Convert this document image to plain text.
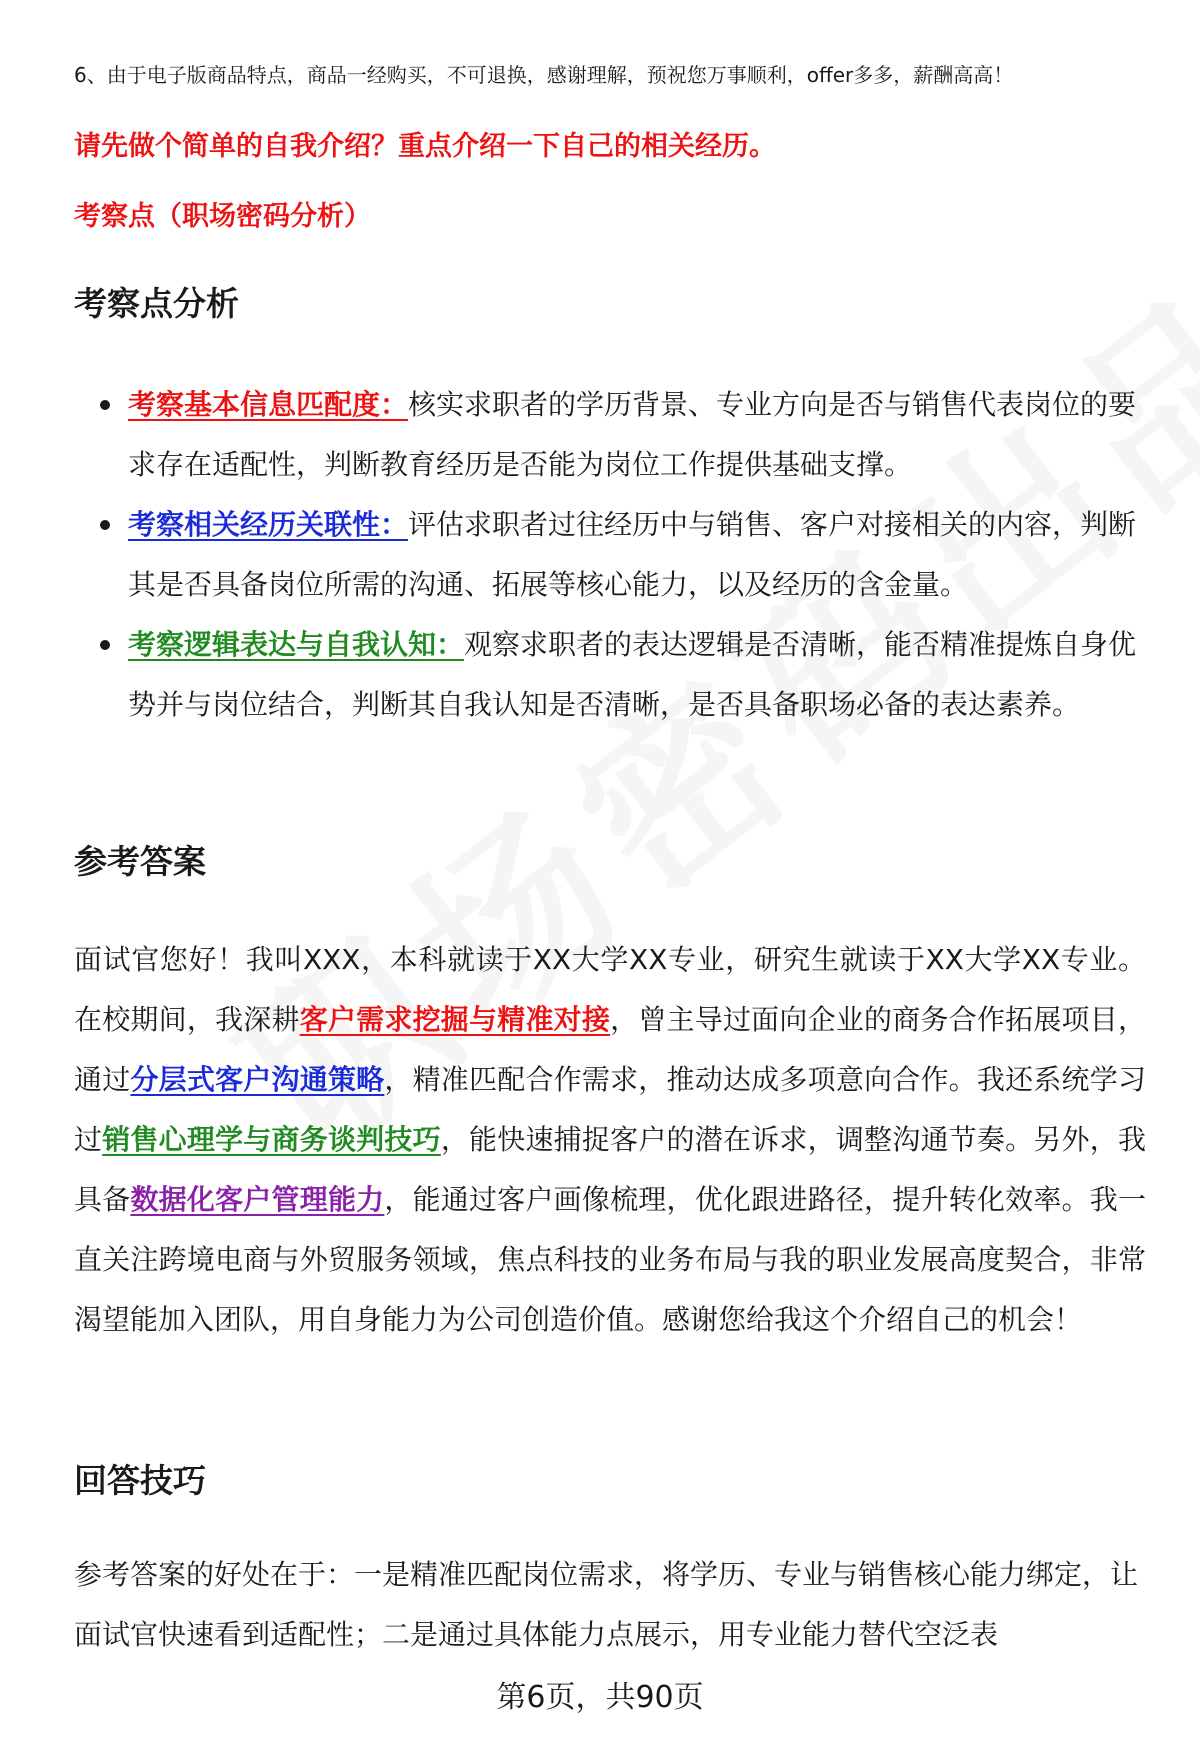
6、由于电子版商品特点，商品一经购买，不可退换，感谢理解，预祝您万事顺利，offer多多，薪酬高高！
请先做个简单的自我介绍？重点介绍一下自己的相关经历。
考察点（职场密码分析）
考察点分析
考察基本信息匹配度：核实求职者的学历背景、专业方向是否与销售代表岗位的要求存在适配性，判断教育经历是否能为岗位工作提供基础支撑。
考察相关经历关联性：评估求职者过往经历中与销售、客户对接相关的内容，判断其是否具备岗位所需的沟通、拓展等核心能力，以及经历的含金量。
考察逻辑表达与自我认知：观察求职者的表达逻辑是否清晰，能否精准提炼自身优势并与岗位结合，判断其自我认知是否清晰，是否具备职场必备的表达素养。
参考答案

面试官您好！我叫XXX，本科就读于XX大学XX专业，研究生就读于XX大学XX专业。在校期间，我深耕客户需求挖掘与精准对接，曾主导过面向企业的商务合作拓展项目，通过分层式客户沟通策略，精准匹配合作需求，推动达成多项意向合作。我还系统学习过销售心理学与商务谈判技巧，能快速捕捉客户的潜在诉求，调整沟通节奏。另外，我具备数据化客户管理能力，能通过客户画像梳理，优化跟进路径，提升转化效率。我一直关注跨境电商与外贸服务领域，焦点科技的业务布局与我的职业发展高度契合，非常渴望能加入团队，用自身能力为公司创造价值。感谢您给我这个介绍自己的机会！

回答技巧

参考答案的好处在于：一是精准匹配岗位需求，将学历、专业与销售核心能力绑定，让面试官快速看到适配性；二是通过具体能力点展示，用专业能力替代空泛表

第6页，共90页
